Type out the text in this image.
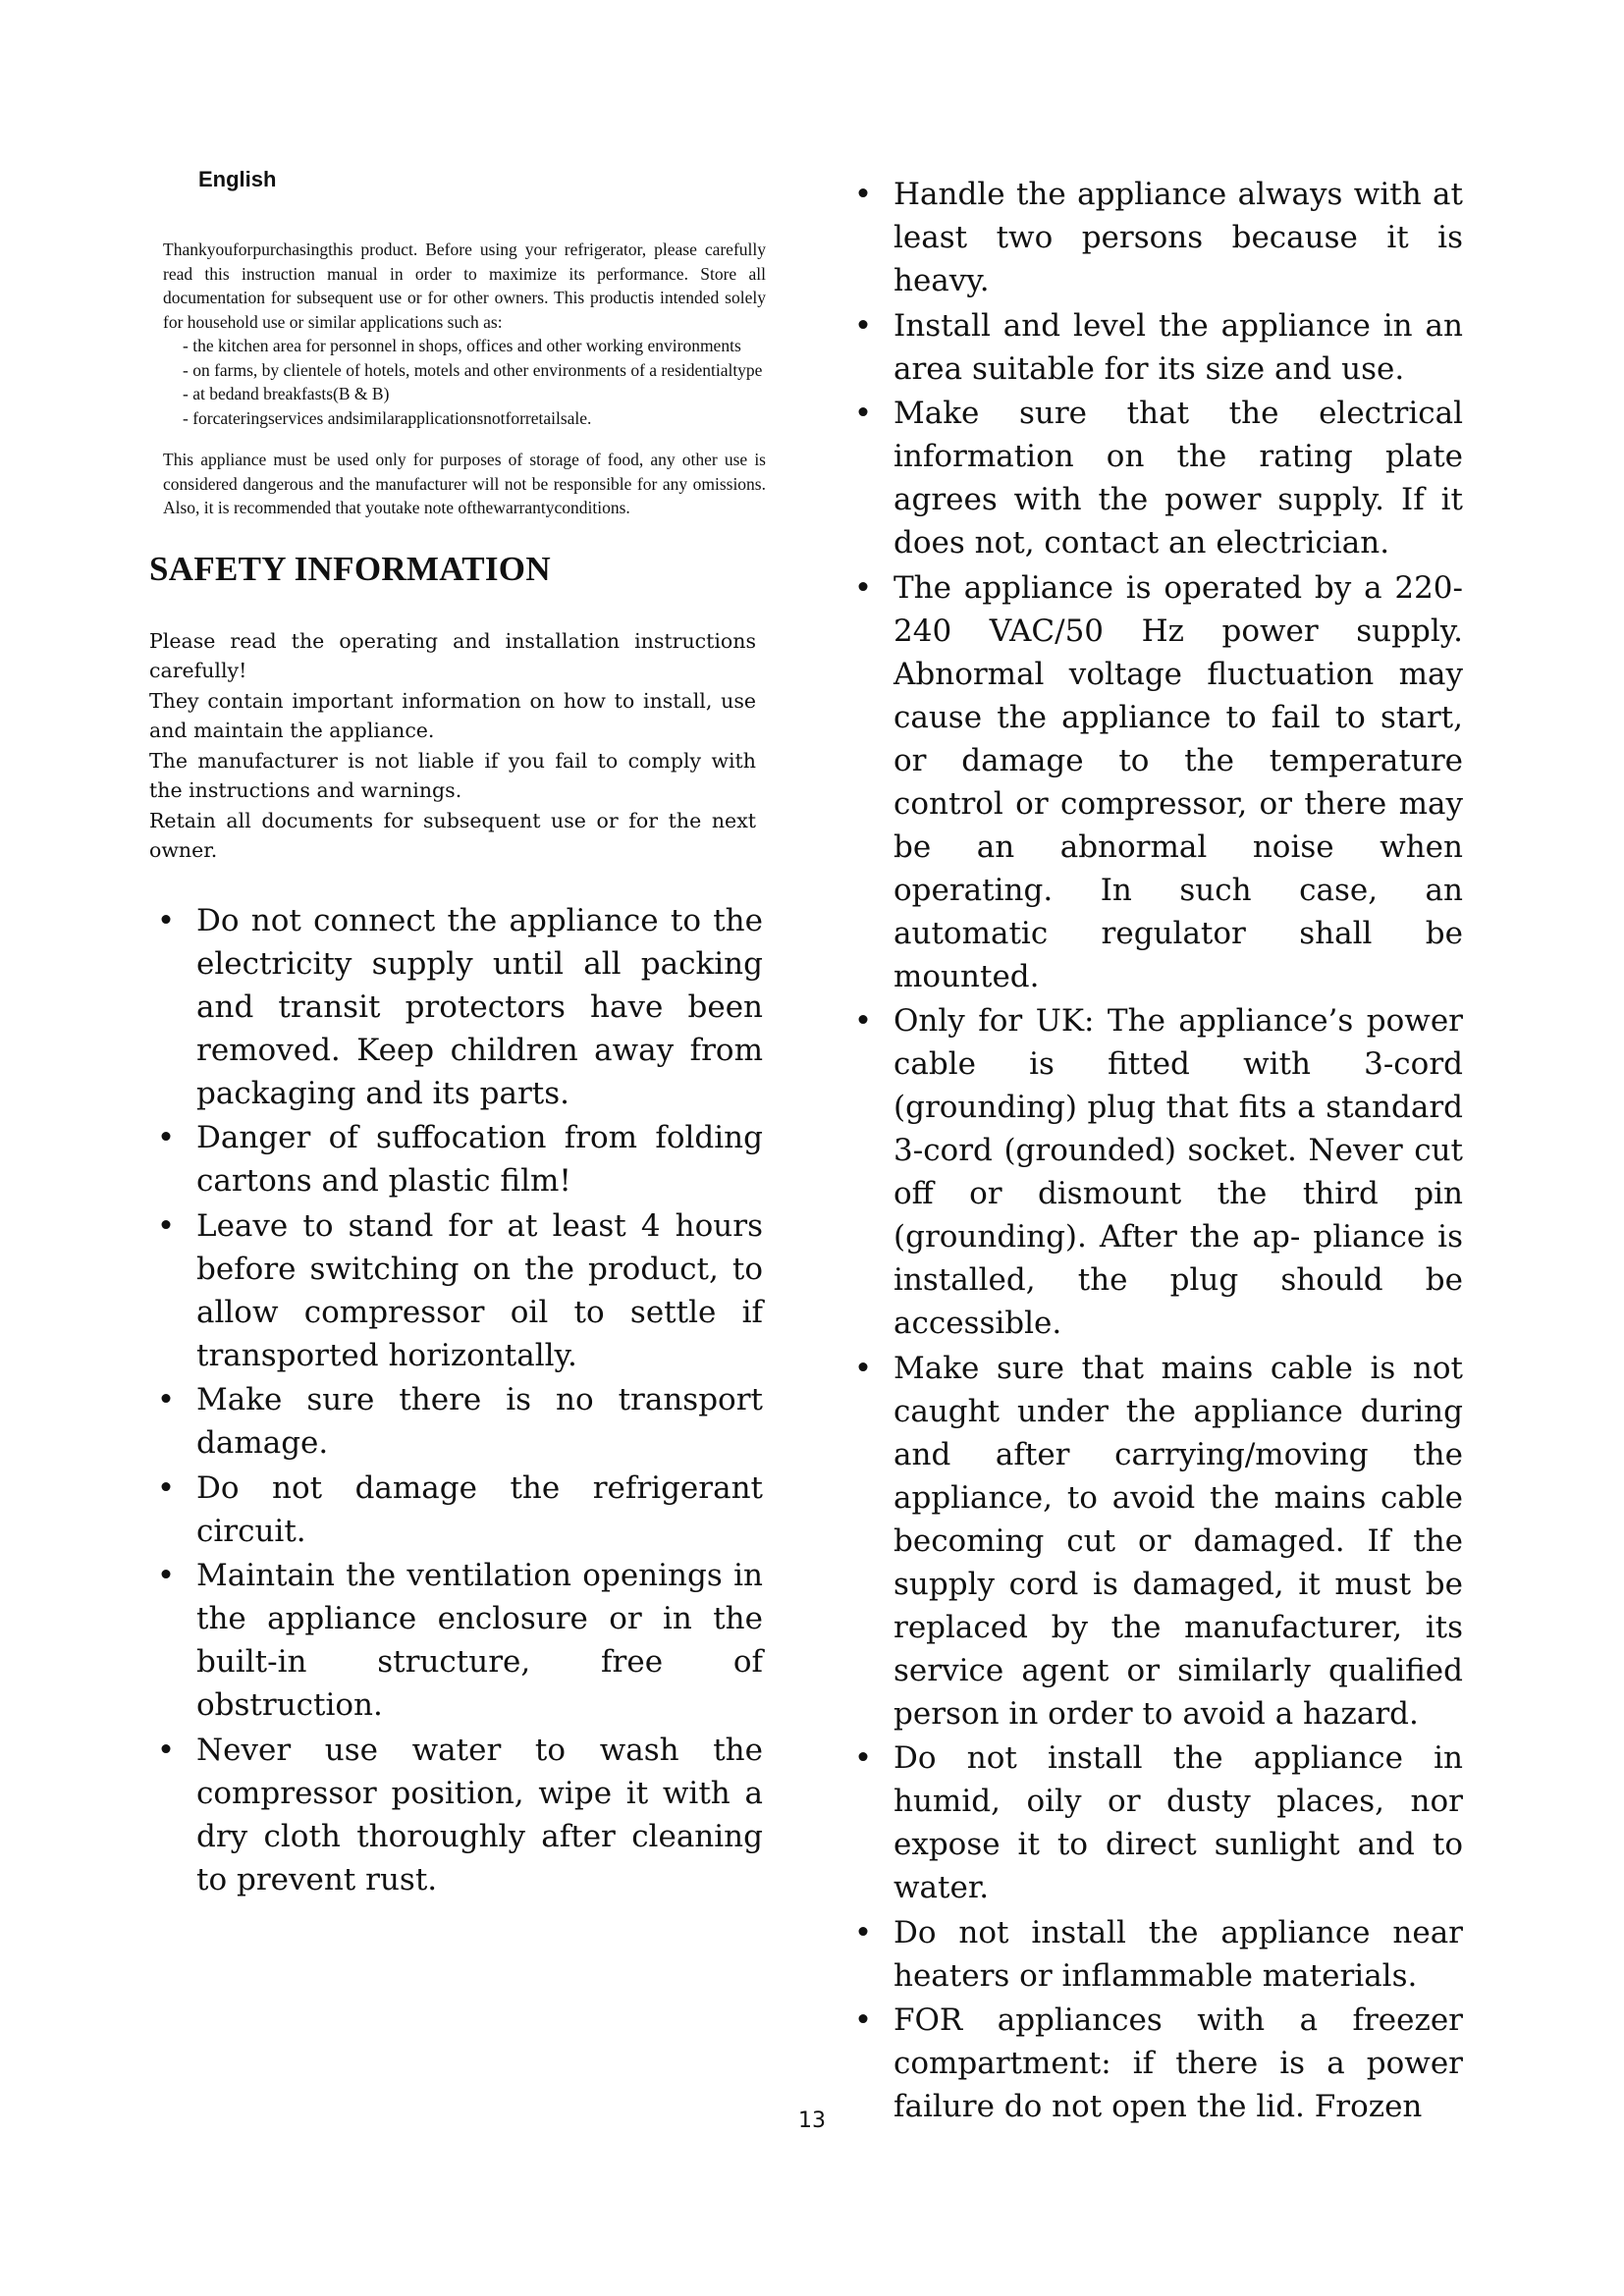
English

Thankyouforpurchasingthis product. Before using your refrigerator, please carefully read this instruction manual in order to maximize its performance. Store all documentation for subsequent use or for other owners. This productis intended solely for household use or similar applications such as:

- the kitchen area for personnel in shops, offices and other working environments
- on farms, by clientele of hotels, motels and other environments of a residentialtype
- at bedand breakfasts(B & B)
- forcateringservices andsimilarapplicationsnotforretailsale.

This appliance must be used only for purposes of storage of food, any other use is considered dangerous and the manufacturer will not be responsible for any omissions. Also, it is recommended that youtake note ofthewarrantyconditions.

SAFETY INFORMATION

Please read the operating and installation instructions carefully!

They contain important information on how to install, use and maintain the appliance.

The manufacturer is not liable if you fail to comply with the instructions and warnings.

Retain all documents for subsequent use or for the next owner.

• Do not connect the appliance to the electricity supply until all packing and transit protectors have been removed. Keep children away from packaging and its parts.
• Danger of suffocation from folding cartons and plastic film!
• Leave to stand for at least 4 hours before switching on the product, to allow compressor oil to settle if transported horizontally.
• Make sure there is no transport damage.
• Do not damage the refrigerant circuit.
• Maintain the ventilation openings in the appliance enclosure or in the built-in structure, free of obstruction.
• Never use water to wash the compressor position, wipe it with a dry cloth thoroughly after cleaning to prevent rust.
• Handle the appliance always with at least two persons because it is heavy.
• Install and level the appliance in an area suitable for its size and use.
• Make sure that the electrical information on the rating plate agrees with the power supply. If it does not, contact an electrician.
• The appliance is operated by a 220-240 VAC/50 Hz power supply. Abnormal voltage fluctuation may cause the appliance to fail to start, or damage to the temperature control or compressor, or there may be an abnormal noise when operating. In such case, an automatic regulator shall be mounted.
• Only for UK: The appliance’s power cable is fitted with 3-cord (grounding) plug that fits a standard 3-cord (grounded) socket. Never cut off or dismount the third pin (grounding). After the ap- pliance is installed, the plug should be accessible.
• Make sure that mains cable is not caught under the appliance during and after carrying/moving the appliance, to avoid the mains cable becoming cut or damaged. If the supply cord is damaged, it must be replaced by the manufacturer, its service agent or similarly qualified person in order to avoid a hazard.
• Do not install the appliance in humid, oily or dusty places, nor expose it to direct sunlight and to water.
• Do not install the appliance near heaters or inflammable materials.
• FOR appliances with a freezer compartment: if there is a power failure do not open the lid. Frozen
13
